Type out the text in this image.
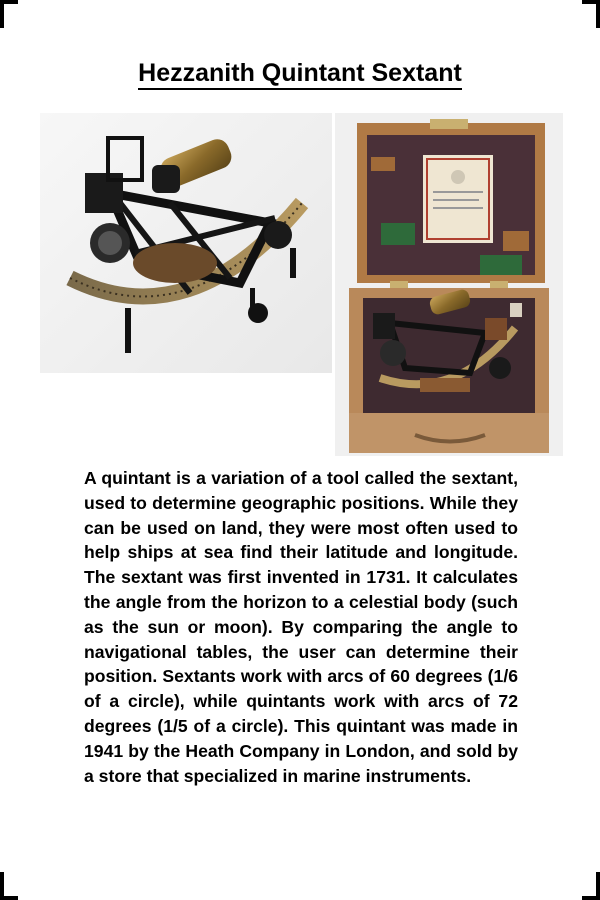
Hezzanith Quintant Sextant

A quintant is a variation of a tool called the sextant, used to determine geographic positions. While they can be used on land, they were most often used to help ships at sea find their latitude and longitude. The sextant was first invented in 1731. It calculates the angle from the horizon to a celestial body (such as the sun or moon). By comparing the angle to navigational tables, the user can determine their position. Sextants work with arcs of 60 degrees (1/6 of a circle), while quintants work with arcs of 72 degrees (1/5 of a circle). This quintant was made in 1941 by the Heath Company in London, and sold by a store that specialized in marine instruments.
